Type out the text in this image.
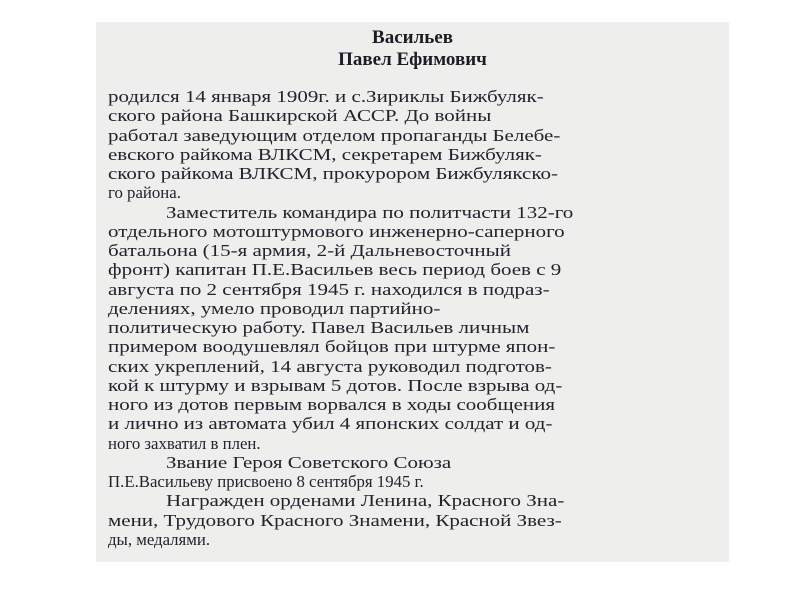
Васильев
Павел Ефимович
родился 14 января 1909г. и с.Зириклы Бижбуляк-
ского района Башкирской АССР. До войны
работал заведующим отделом пропаганды Белебе-
евского райкома ВЛКСМ, секретарем Бижбуляк-
ского райкома ВЛКСМ, прокурором Бижбулякско-
го района.
Заместитель командира по политчасти 132-го
отдельного мотоштурмового инженерно-саперного
батальона (15-я армия, 2-й Дальневосточный
фронт) капитан П.Е.Васильев весь период боев с 9
августа по 2 сентября 1945 г. находился в подраз-
делениях, умело проводил партийно-
политическую работу. Павел Васильев личным
примером воодушевлял бойцов при штурме япон-
ских укреплений, 14 августа руководил подготов-
кой к штурму и взрывам 5 дотов. После взрыва од-
ного из дотов первым ворвался в ходы сообщения
и лично из автомата убил 4 японских солдат и од-
ного захватил в плен.
Звание Героя Советского Союза
П.Е.Васильеву присвоено 8 сентября 1945 г.
Награжден орденами Ленина, Красного Зна-
мени, Трудового Красного Знамени, Красной Звез-
ды, медалями.
